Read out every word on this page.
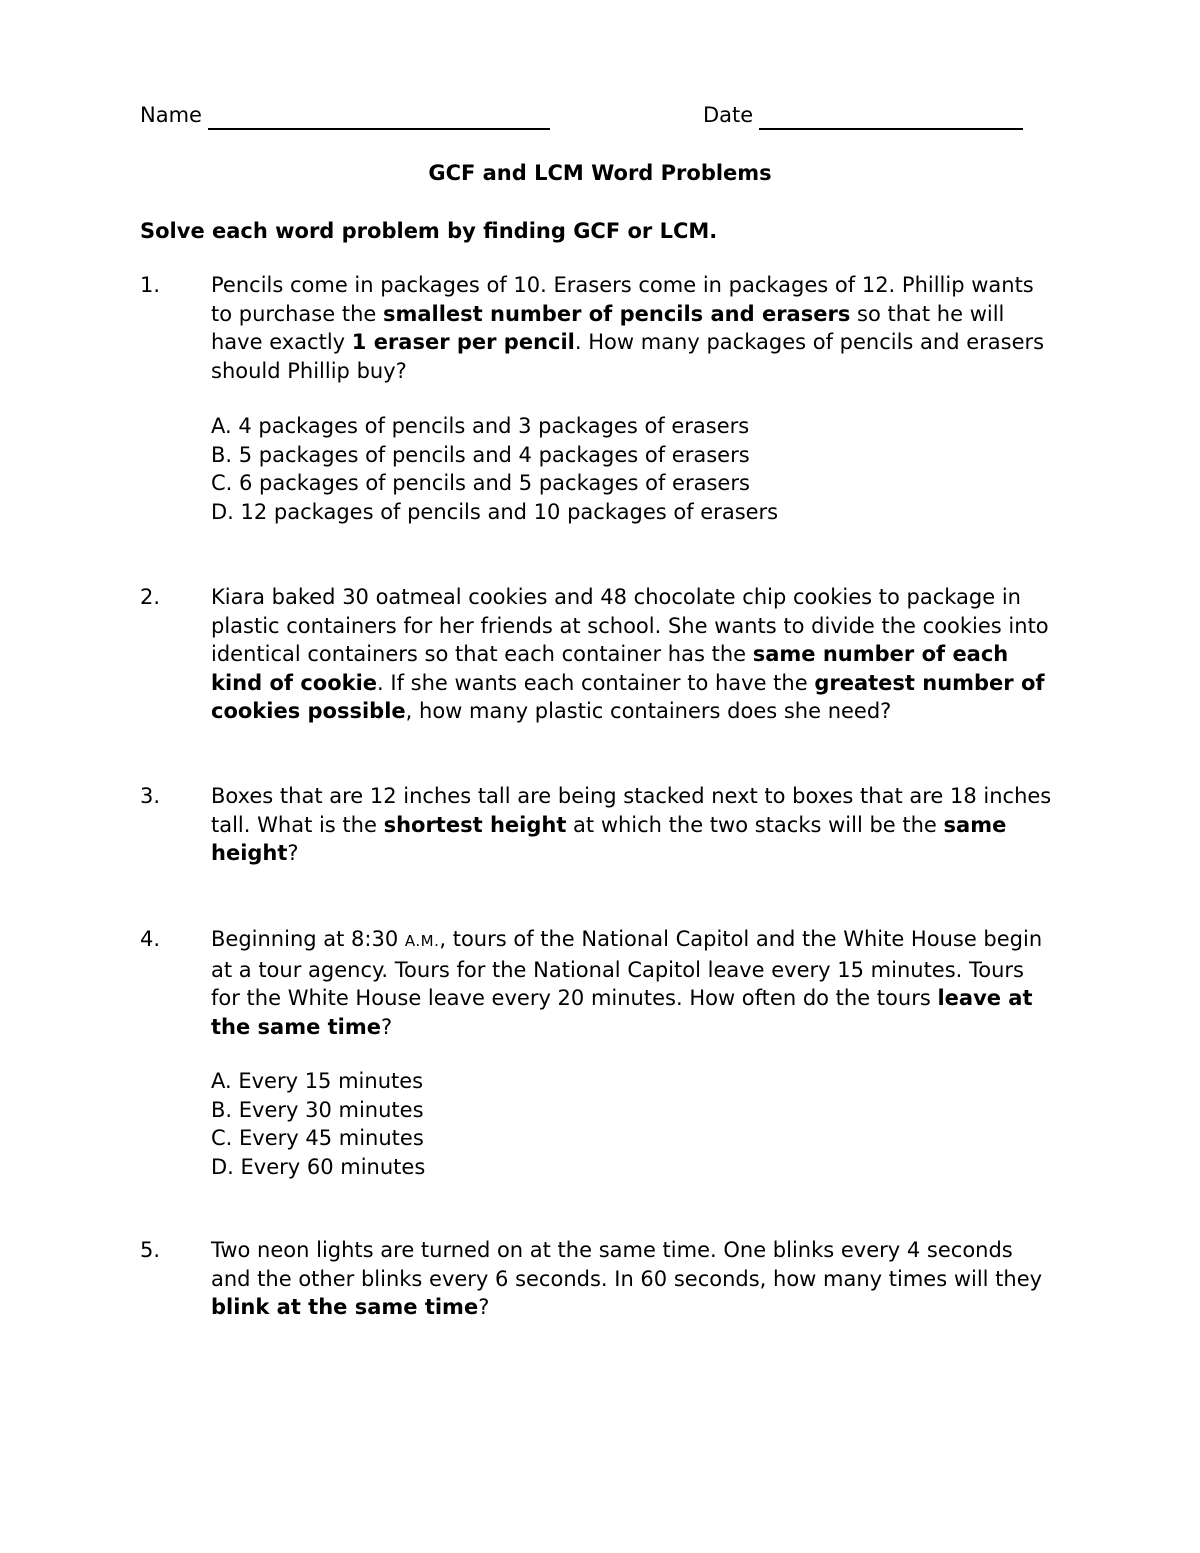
Name	Date
GCF and LCM Word Problems
Solve each word problem by finding GCF or LCM.
1. Pencils come in packages of 10. Erasers come in packages of 12. Phillip wants to purchase the smallest number of pencils and erasers so that he will have exactly 1 eraser per pencil. How many packages of pencils and erasers should Phillip buy?
A. 4 packages of pencils and 3 packages of erasers
B. 5 packages of pencils and 4 packages of erasers
C. 6 packages of pencils and 5 packages of erasers
D. 12 packages of pencils and 10 packages of erasers
2. Kiara baked 30 oatmeal cookies and 48 chocolate chip cookies to package in plastic containers for her friends at school. She wants to divide the cookies into identical containers so that each container has the same number of each kind of cookie. If she wants each container to have the greatest number of cookies possible, how many plastic containers does she need?
3. Boxes that are 12 inches tall are being stacked next to boxes that are 18 inches tall. What is the shortest height at which the two stacks will be the same height?
4. Beginning at 8:30 A.M., tours of the National Capitol and the White House begin at a tour agency. Tours for the National Capitol leave every 15 minutes. Tours for the White House leave every 20 minutes. How often do the tours leave at the same time?
A. Every 15 minutes
B. Every 30 minutes
C. Every 45 minutes
D. Every 60 minutes
5. Two neon lights are turned on at the same time. One blinks every 4 seconds and the other blinks every 6 seconds. In 60 seconds, how many times will they blink at the same time?
